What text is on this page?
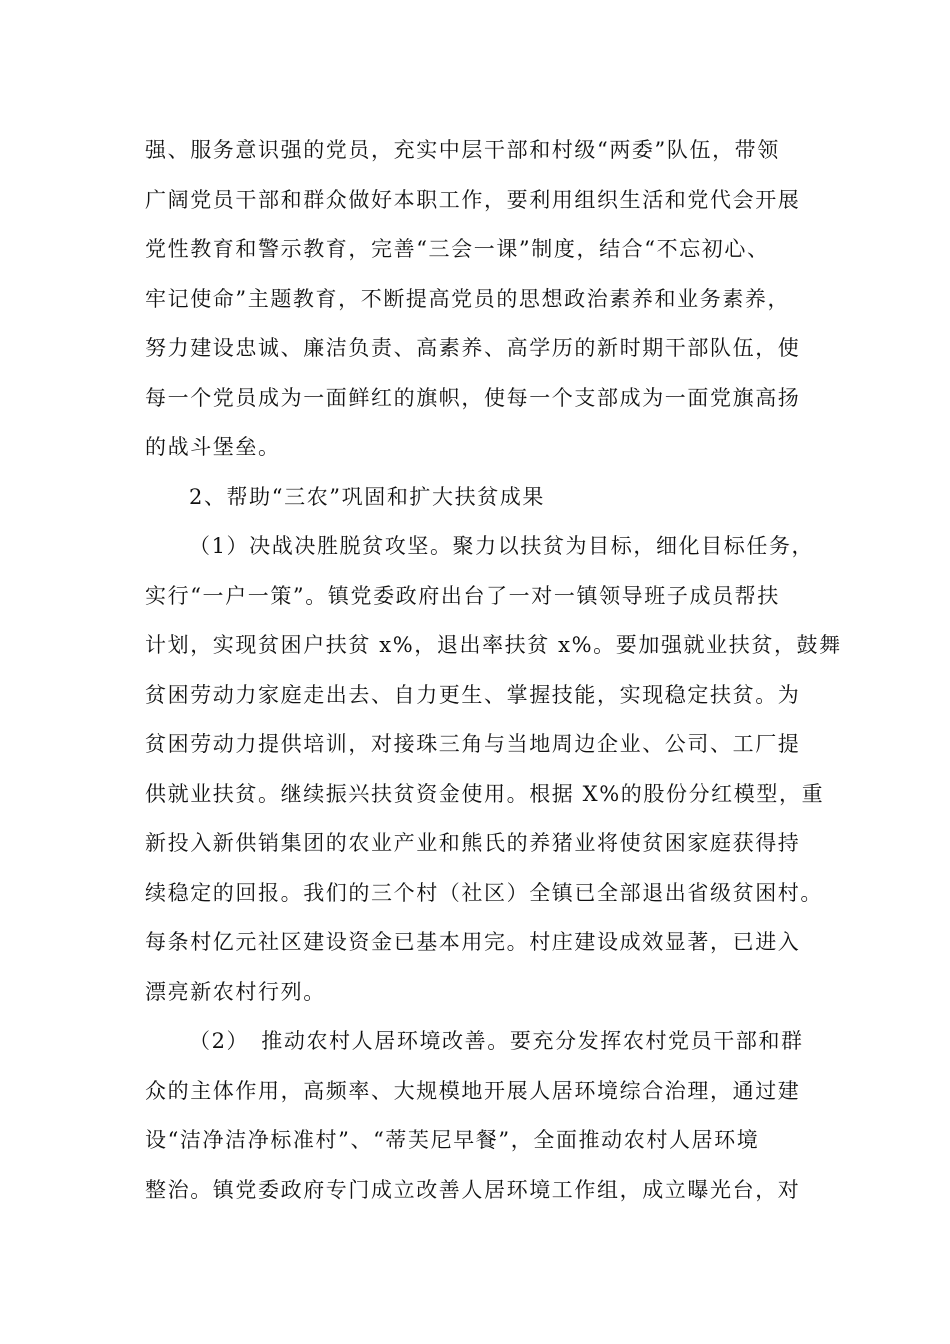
强、服务意识强的党员，充实中层干部和村级“两委”队伍，带领
广阔党员干部和群众做好本职工作，要利用组织生活和党代会开展
党性教育和警示教育，完善“三会一课”制度，结合“不忘初心、
牢记使命”主题教育，不断提高党员的思想政治素养和业务素养，
努力建设忠诚、廉洁负责、高素养、高学历的新时期干部队伍，使
每一个党员成为一面鲜红的旗帜，使每一个支部成为一面党旗高扬
的战斗堡垒。
2、帮助“三农”巩固和扩大扶贫成果
（1）决战决胜脱贫攻坚。聚力以扶贫为目标，细化目标任务，
实行“一户一策”。镇党委政府出台了一对一镇领导班子成员帮扶
计划，实现贫困户扶贫 x%，退出率扶贫 x%。要加强就业扶贫，鼓舞
贫困劳动力家庭走出去、自力更生、掌握技能，实现稳定扶贫。为
贫困劳动力提供培训，对接珠三角与当地周边企业、公司、工厂提
供就业扶贫。继续振兴扶贫资金使用。根据 X%的股份分红模型，重
新投入新供销集团的农业产业和熊氏的养猪业将使贫困家庭获得持
续稳定的回报。我们的三个村（社区）全镇已全部退出省级贫困村。
每条村亿元社区建设资金已基本用完。村庄建设成效显著，已进入
漂亮新农村行列。
（2）　推动农村人居环境改善。要充分发挥农村党员干部和群
众的主体作用，高频率、大规模地开展人居环境综合治理，通过建
设“洁净洁净标准村”、“蒂芙尼早餐”，全面推动农村人居环境
整治。镇党委政府专门成立改善人居环境工作组，成立曝光台，对
